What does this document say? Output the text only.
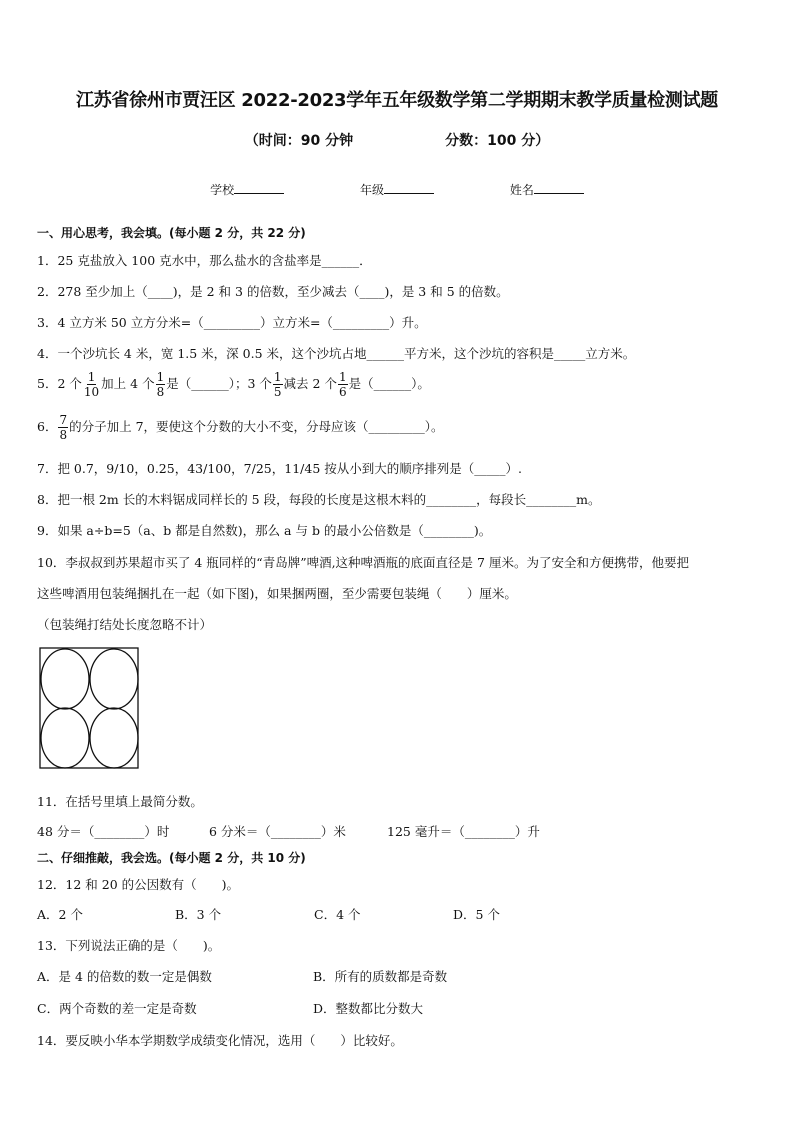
江苏省徐州市贾汪区 2022-2023学年五年级数学第二学期期末教学质量检测试题
（时间：90 分钟	分数：100 分）
学校	年级	姓名
一、用心思考，我会填。(每小题 2 分，共 22 分)
1．25 克盐放入 100 克水中，那么盐水的含盐率是______．
2．278 至少加上（____)，是 2 和 3 的倍数，至少减去（____)，是 3 和 5 的倍数。
3．4 立方米 50 立方分米=（_________）立方米=（_________）升。
4．一个沙坑长 4 米，宽 1.5 米，深 0.5 米，这个沙坑占地______平方米，这个沙坑的容积是_____立方米。
5．2 个 $\frac{1}{10}$ 加上 4 个 $\frac{1}{8}$ 是（______）；3 个 $\frac{1}{5}$ 减去 2 个 $\frac{1}{6}$ 是（______）。
6． $\frac{7}{8}$ 的分子加上 7，要使这个分数的大小不变，分母应该（_________）。
7．把 0.7，9/10，0.25，43/100，7/25，11/45 按从小到大的顺序排列是（_____）.
8．把一根 2m 长的木料锯成同样长的 5 段，每段的长度是这根木料的________，每段长________m。
9．如果 a÷b=5（a、b 都是自然数)，那么 a 与 b 的最小公倍数是（________)。
10．李叔叔到苏果超市买了 4 瓶同样的“青岛牌”啤酒,这种啤酒瓶的底面直径是 7 厘米。为了安全和方便携带，他要把
这些啤酒用包装绳捆扎在一起（如下图)，如果捆两圈，至少需要包装绳（　　）厘米。
（包装绳打结处长度忽略不计）
11．在括号里填上最简分数。
48 分＝（________）时	6 分米＝（________）米	125 毫升＝（________）升
二、仔细推敲，我会选。(每小题 2 分，共 10 分)
12．12 和 20 的公因数有（　　)。
A．2 个	B．3 个	C．4 个	D．5 个
13．下列说法正确的是（　　)。
A．是 4 的倍数的数一定是偶数	B．所有的质数都是奇数
C．两个奇数的差一定是奇数	D．整数都比分数大
14．要反映小华本学期数学成绩变化情况，选用（　　）比较好。
